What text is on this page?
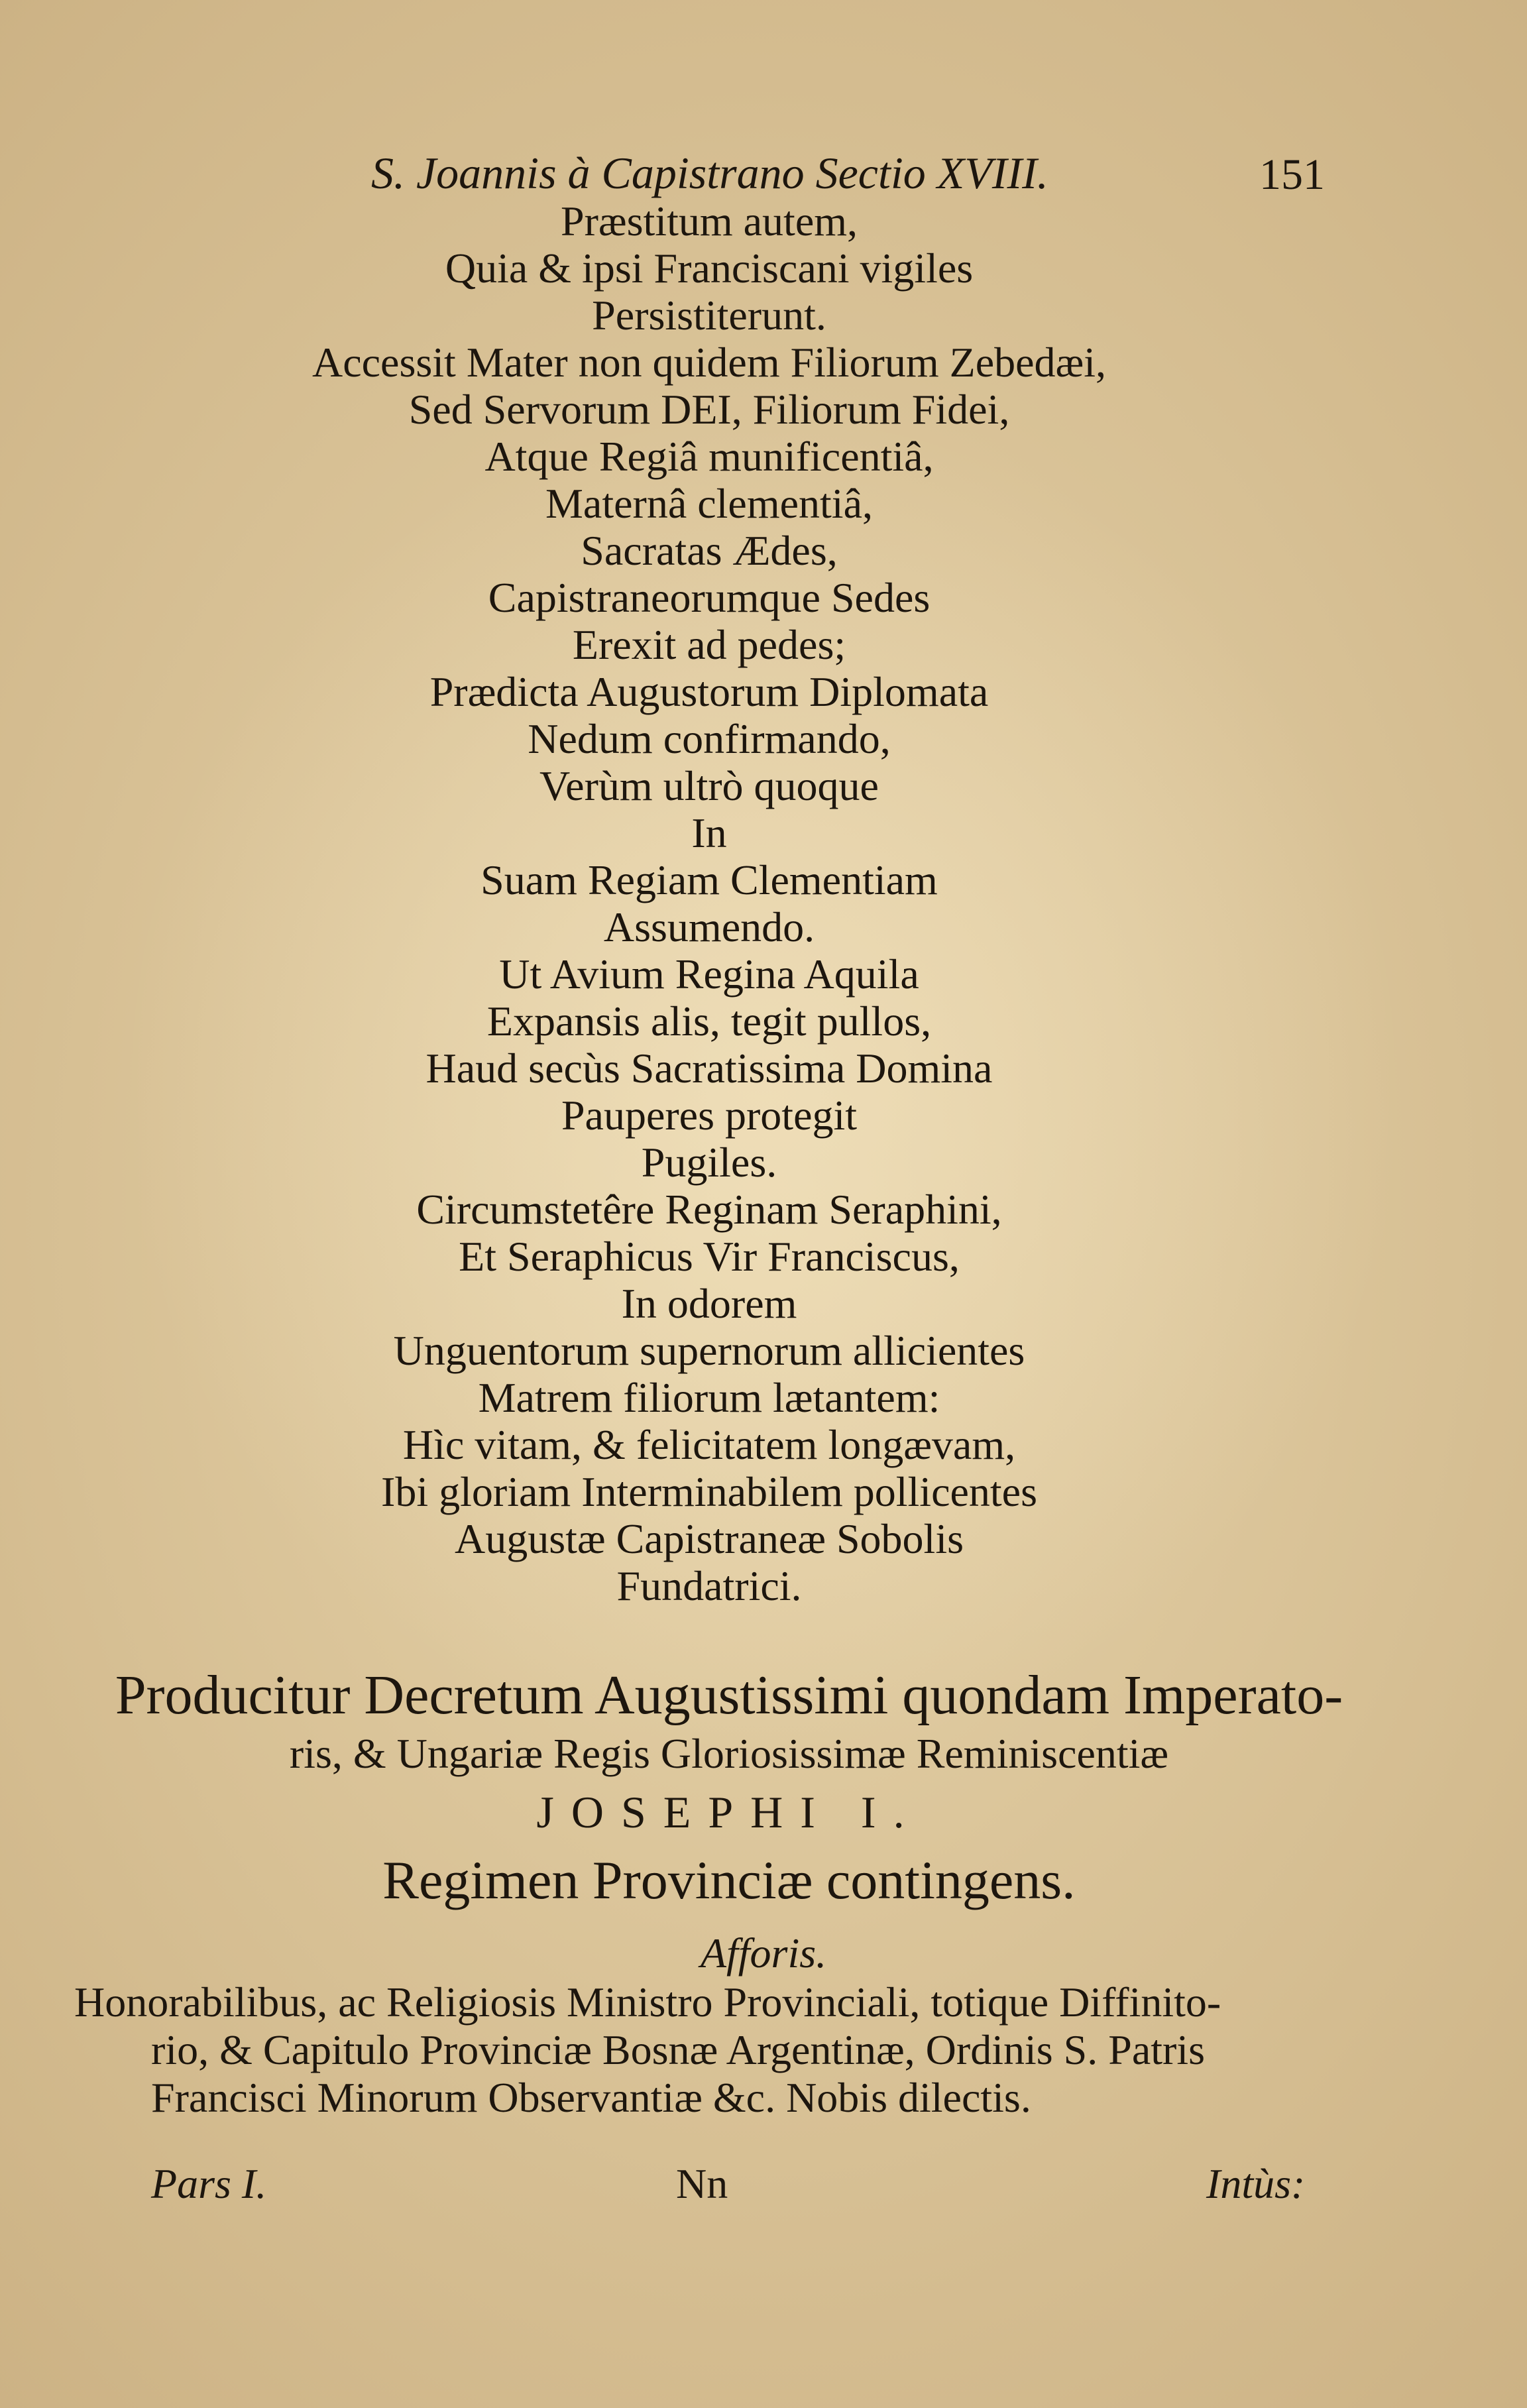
S. Joannis à Capistrano Sectio XVIII.	151
Præstitum autem,
Quia & ipsi Franciscani vigiles
Persistiterunt.
Accessit Mater non quidem Filiorum Zebedæi,
Sed Servorum DEI, Filiorum Fidei,
Atque Regiâ munificentiâ,
Maternâ clementiâ,
Sacratas Ædes,
Capistraneorumque Sedes
Erexit ad pedes;
Prædicta Augustorum Diplomata
Nedum confirmando,
Verùm ultrò quoque
In
Suam Regiam Clementiam
Assumendo.
Ut Avium Regina Aquila
Expansis alis, tegit pullos,
Haud secùs Sacratissima Domina
Pauperes protegit
Pugiles.
Circumstetêre Reginam Seraphini,
Et Seraphicus Vir Franciscus,
In odorem
Unguentorum supernorum allicientes
Matrem filiorum lætantem:
Hìc vitam, & felicitatem longævam,
Ibi gloriam Interminabilem pollicentes
Augustæ Capistraneæ Sobolis
Fundatrici.
Producitur Decretum Augustissimi quondam Imperato-
ris, & Ungariæ Regis Gloriosissimæ Reminiscentiæ
JOSEPHI I.
Regimen Provinciæ contingens.
Afforis.
Honorabilibus, ac Religiosis Ministro Provinciali, totique Diffinito-
rio, & Capitulo Provinciæ Bosnæ Argentinæ, Ordinis S. Patris
Francisci Minorum Observantiæ &c. Nobis dilectis.
Pars I.	Nn	Intùs:
